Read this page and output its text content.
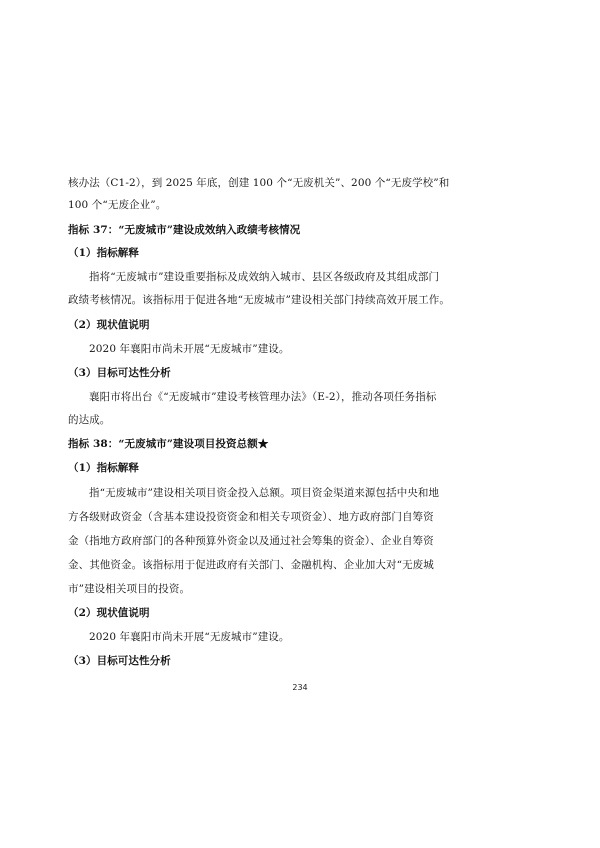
核办法（C1-2），到 2025 年底，创建 100 个“无废机关”、200 个“无废学校”和
100 个“无废企业”。
指标 37：“无废城市”建设成效纳入政绩考核情况
（1）指标解释
指将“无废城市”建设重要指标及成效纳入城市、县区各级政府及其组成部门
政绩考核情况。该指标用于促进各地“无废城市”建设相关部门持续高效开展工作。
（2）现状值说明
2020 年襄阳市尚未开展“无废城市”建设。
（3）目标可达性分析
襄阳市将出台《“无废城市”建设考核管理办法》（E-2），推动各项任务指标
的达成。
指标 38：“无废城市”建设项目投资总额★
（1）指标解释
指“无废城市”建设相关项目资金投入总额。项目资金渠道来源包括中央和地
方各级财政资金（含基本建设投资资金和相关专项资金）、地方政府部门自筹资
金（指地方政府部门的各种预算外资金以及通过社会筹集的资金）、企业自筹资
金、其他资金。该指标用于促进政府有关部门、金融机构、企业加大对“无废城
市”建设相关项目的投资。
（2）现状值说明
2020 年襄阳市尚未开展“无废城市”建设。
（3）目标可达性分析
234
